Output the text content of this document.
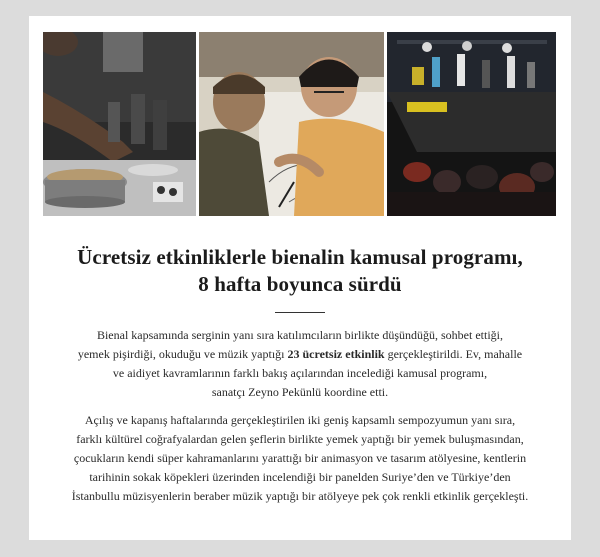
Ücretsiz etkinliklerle bienalin kamusal programı,
8 hafta boyunca sürdü
Bienal kapsamında serginin yanı sıra katılımcıların birlikte düşündüğü, sohbet ettiği,
yemek pişirdiği, okuduğu ve müzik yaptığı 23 ücretsiz etkinlik gerçekleştirildi. Ev, mahalle
ve aidiyet kavramlarının farklı bakış açılarından incelediği kamusal programı,
sanatçı Zeyno Pekünlü koordine etti.
Açılış ve kapanış haftalarında gerçekleştirilen iki geniş kapsamlı sempozyumun yanı sıra,
farklı kültürel coğrafyalardan gelen şeflerin birlikte yemek yaptığı bir yemek buluşmasından,
çocukların kendi süper kahramanlarını yarattığı bir animasyon ve tasarım atölyesine, kentlerin
tarihinin sokak köpekleri üzerinden incelendiği bir panelden Suriye’den ve Türkiye’den
İstanbullu müzisyenlerin beraber müzik yaptığı bir atölyeye pek çok renkli etkinlik gerçekleşti.
